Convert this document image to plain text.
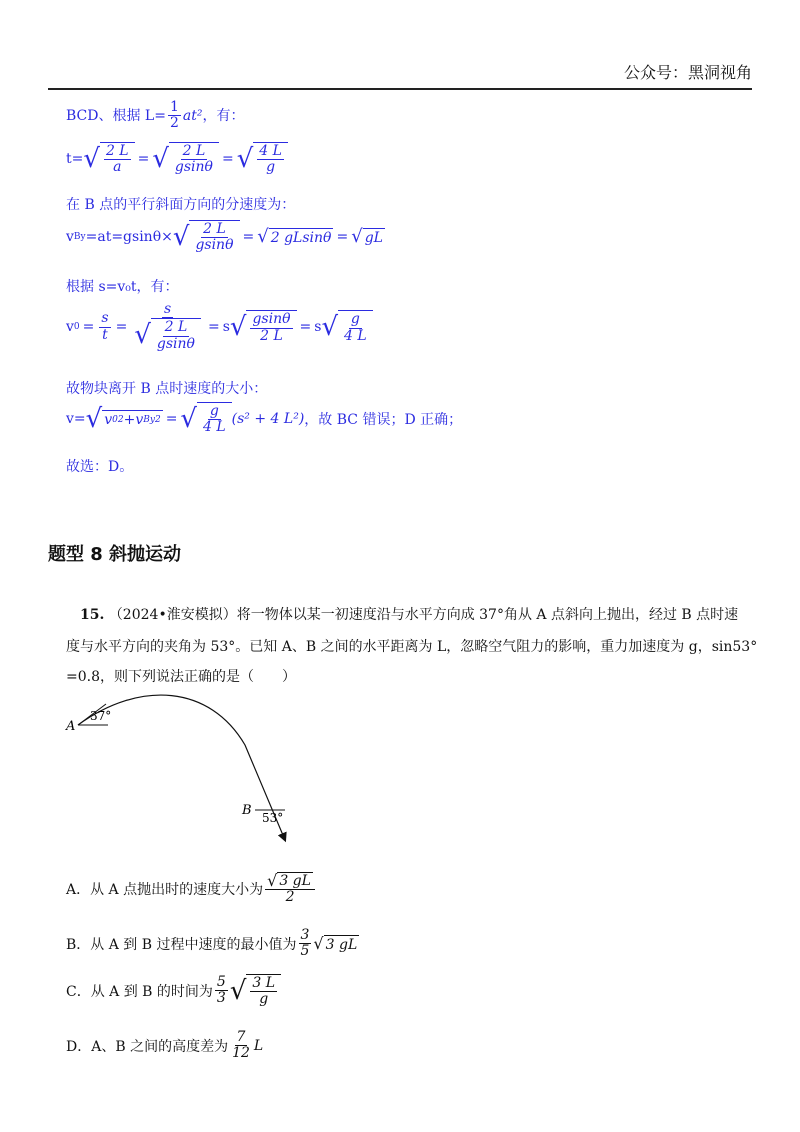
公众号：黑洞视角
BCD、根据 $L= \frac{1}{2} at^2$，有：
t= √ $\frac{2 L}{a}$ = √ $\frac{2 L}{gsin\theta}$ = √ $\frac{4 L}{g}$
在 B 点的平行斜面方向的分速度为：
v By =at=gsinθ× √ $\frac{2 L}{gsin\theta}$ = √ 2 gLsinθ = √ gL
根据 s=v₀t，有：
v $0 = \frac{s}{t} = \frac{s}{√ \frac{2 L}{gsin\theta}} = s$ √ $\frac{gsin\theta}{2 L} = s$ √ $\frac{g}{4 L}$
故物块离开 B 点时速度的大小：
v= √ v 0 2 +v By 2 = √ $\frac{g}{4 L} (s^2 + 4$ L²) ，故 BC 错误；D 正确；
故选：D。
题型 8 斜抛运动
15. （2024•淮安模拟）将一物体以某一初速度沿与水平方向成 37°角从 A 点斜向上抛出，经过 B 点时速
度与水平方向的夹角为 53°。已知 A、B 之间的水平距离为 L，忽略空气阻力的影响，重力加速度为 g，sin53°
=0.8，则下列说法正确的是（　　）
A
37°
B 53°
A．从 A 点抛出时的速度大小为 $\frac{√ 3 gL}{2}$
B．从 A 到 B 过程中速度的最小值为 $\frac{3}{5}$ √ 3 gL
C．从 A 到 B 的时间为 $\frac{5}{3}$ √ $\frac{3 L}{g}$
D．A、B 之间的高度差为 $\frac{7}{12}$ L
